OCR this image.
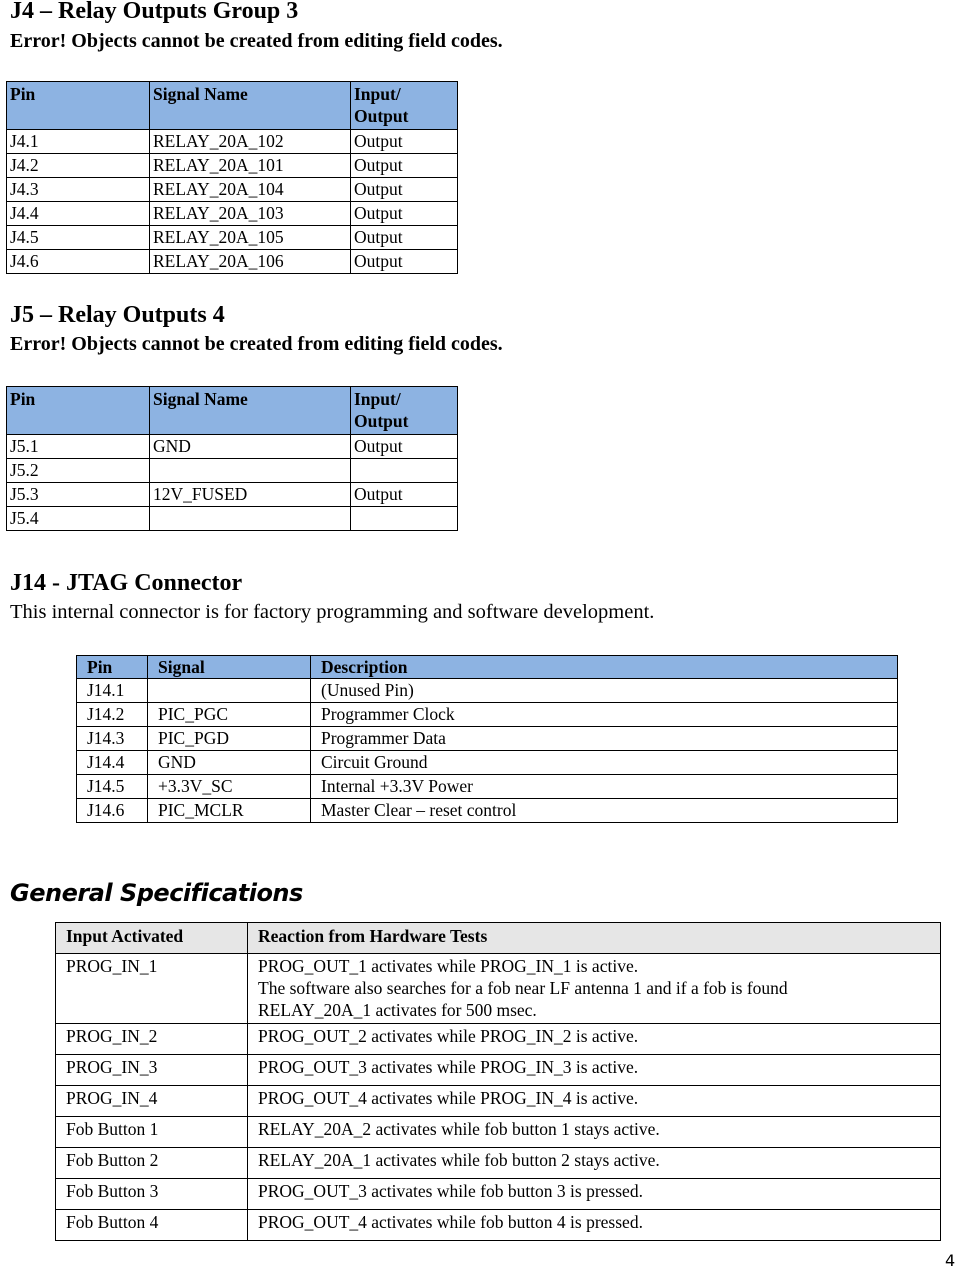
J4 – Relay Outputs Group 3
Error! Objects cannot be created from editing field codes.
Pin	Signal Name	Input/ Output
J4.1	RELAY_20A_102	Output
J4.2	RELAY_20A_101	Output
J4.3	RELAY_20A_104	Output
J4.4	RELAY_20A_103	Output
J4.5	RELAY_20A_105	Output
J4.6	RELAY_20A_106	Output
J5 – Relay Outputs 4
Error! Objects cannot be created from editing field codes.
Pin	Signal Name	Input/ Output
J5.1	GND	Output
J5.2		
J5.3	12V_FUSED	Output
J5.4		
J14 - JTAG Connector
This internal connector is for factory programming and software development.
Pin	Signal	Description
J14.1		(Unused Pin)
J14.2	PIC_PGC	Programmer Clock
J14.3	PIC_PGD	Programmer Data
J14.4	GND	Circuit Ground
J14.5	+3.3V_SC	Internal +3.3V Power
J14.6	PIC_MCLR	Master Clear – reset control
General Specifications
Input Activated	Reaction from Hardware Tests
PROG_IN_1	PROG_OUT_1 activates while PROG_IN_1 is active.
The software also searches for a fob near LF antenna 1 and if a fob is found
RELAY_20A_1 activates for 500 msec.

PROG_IN_2	PROG_OUT_2 activates while PROG_IN_2 is active.
PROG_IN_3	PROG_OUT_3 activates while PROG_IN_3 is active.
PROG_IN_4	PROG_OUT_4 activates while PROG_IN_4 is active.
Fob Button 1	RELAY_20A_2 activates while fob button 1 stays active.
Fob Button 2	RELAY_20A_1 activates while fob button 2 stays active.
Fob Button 3	PROG_OUT_3 activates while fob button 3 is pressed.
Fob Button 4	PROG_OUT_4 activates while fob button 4 is pressed.
4
